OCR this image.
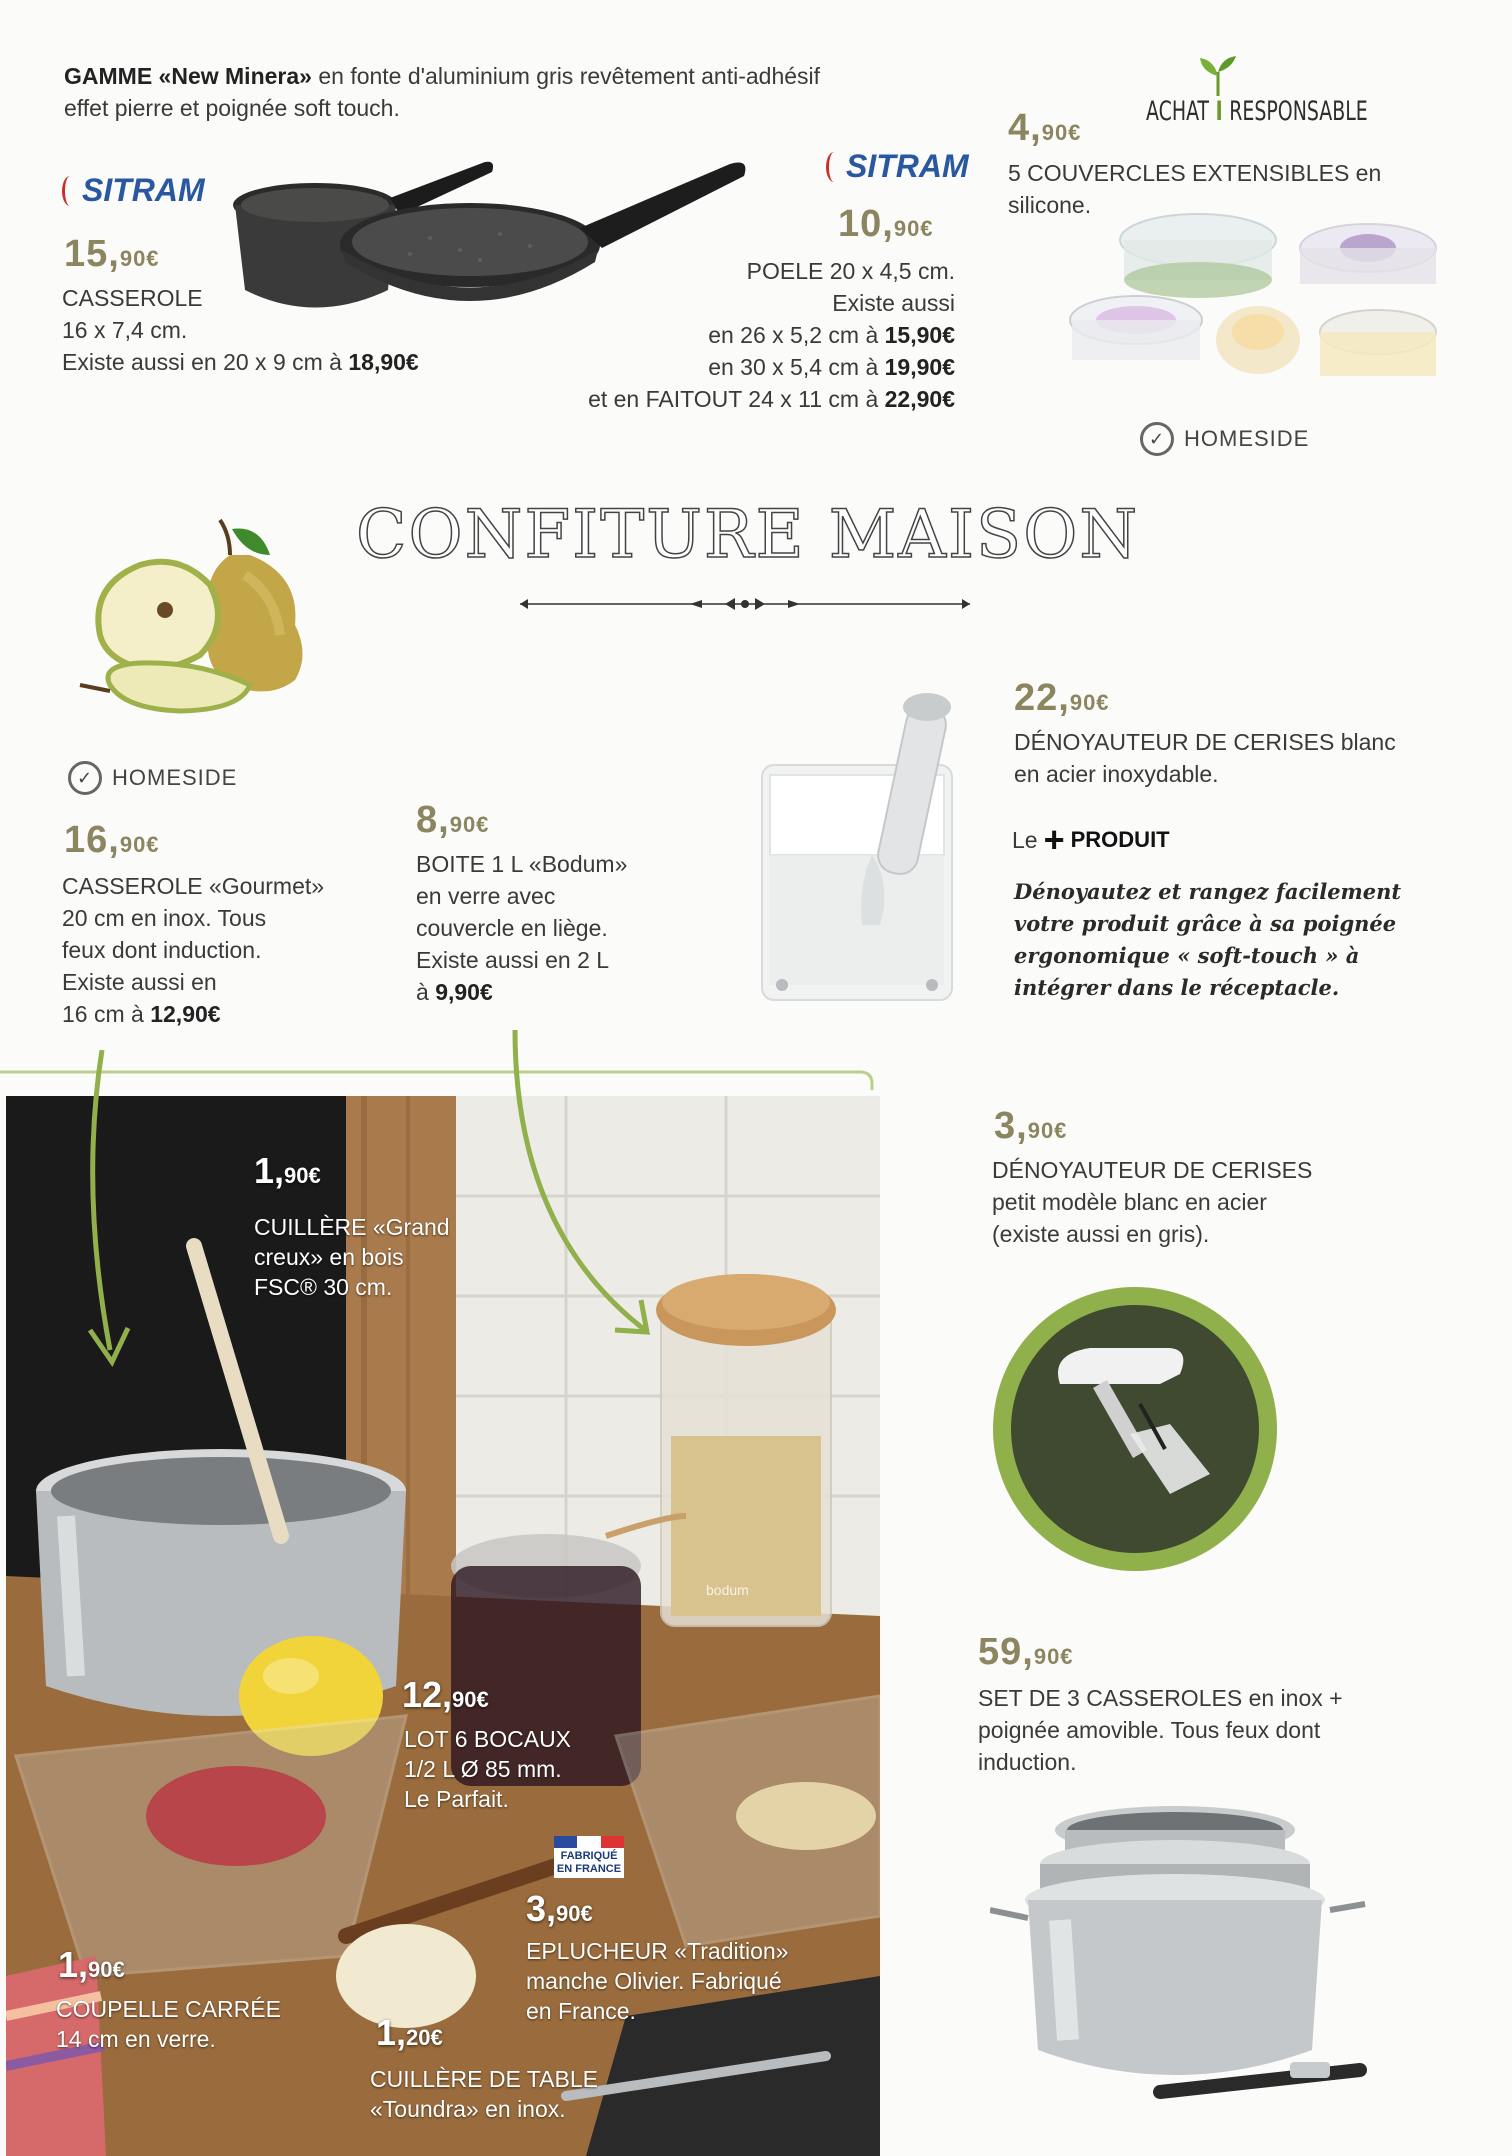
GAMME «New Minera» en fonte d'aluminium gris revêtement anti-adhésif
effet pierre et poignée soft touch.
SITRAM
15,90€
CASSEROLE
16 x 7,4 cm.
Existe aussi en 20 x 9 cm à 18,90€
SITRAM
10,90€
POELE 20 x 4,5 cm.
Existe aussi
en 26 x 5,2 cm à 15,90€
en 30 x 5,4 cm à 19,90€
et en FAITOUT 24 x 11 cm à 22,90€
4,90€
ACHAT I RESPONSABLE
5 COUVERCLES EXTENSIBLES en
silicone.
✓ HOMESIDE
CONFITURE MAISON
✓ HOMESIDE
16,90€
CASSEROLE «Gourmet»
20 cm en inox. Tous
feux dont induction.
Existe aussi en
16 cm à 12,90€
8,90€
BOITE 1 L «Bodum»
en verre avec
couvercle en liège.
Existe aussi en 2 L
à 9,90€
22,90€
DÉNOYAUTEUR DE CERISES blanc
en acier inoxydable.
Le + PRODUIT
Dénoyautez et rangez facilement
votre produit grâce à sa poignée
ergonomique « soft-touch » à
intégrer dans le réceptacle.
bodum
1,90€
CUILLÈRE «Grand
creux» en bois
FSC® 30 cm.
12,90€
LOT 6 BOCAUX
1/2 L Ø 85 mm.
Le Parfait.
FABRIQUÉ EN FRANCE
3,90€
EPLUCHEUR «Tradition»
manche Olivier. Fabriqué
en France.
1,90€
COUPELLE CARRÉE
14 cm en verre.	1,20€
CUILLÈRE DE TABLE
«Toundra» en inox.
3,90€
DÉNOYAUTEUR DE CERISES
petit modèle blanc en acier
(existe aussi en gris).
59,90€
SET DE 3 CASSEROLES en inox +
poignée amovible. Tous feux dont
induction.
